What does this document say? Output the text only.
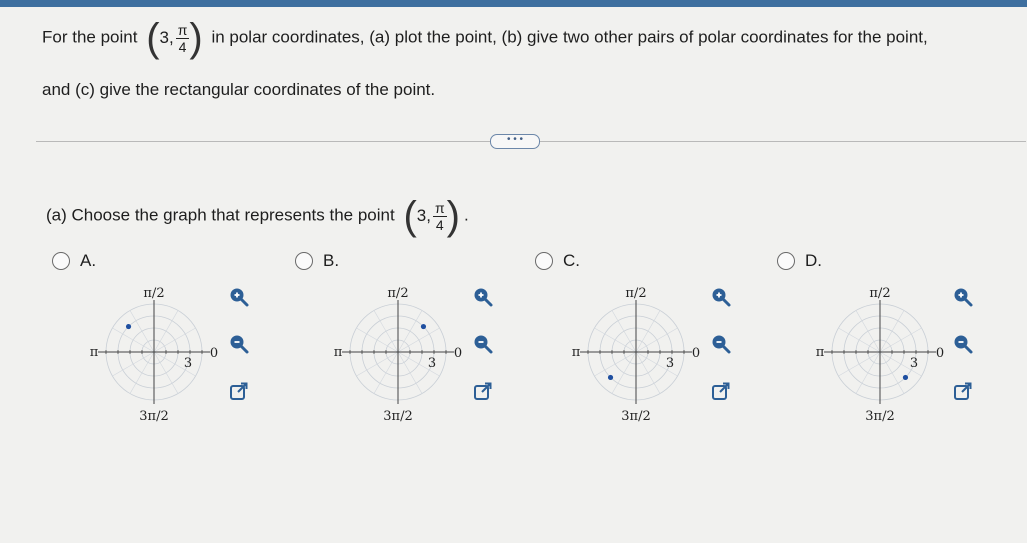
For the point ( 3, $\frac{\pi}{4}$ ) in polar coordinates, (a) plot the point, (b) give two other pairs of polar coordinates for the point,
and (c) give the rectangular coordinates of the point.
• • •
(a) Choose the graph that represents the point ( 3, $\frac{\pi}{4}$ ) .
A.	B.	C.	D.
π/2
3π/2
π	0
3
π/2
3π/2
π	0
3
π/2
3π/2
π	0
3
π/2
3π/2
π	0
3
